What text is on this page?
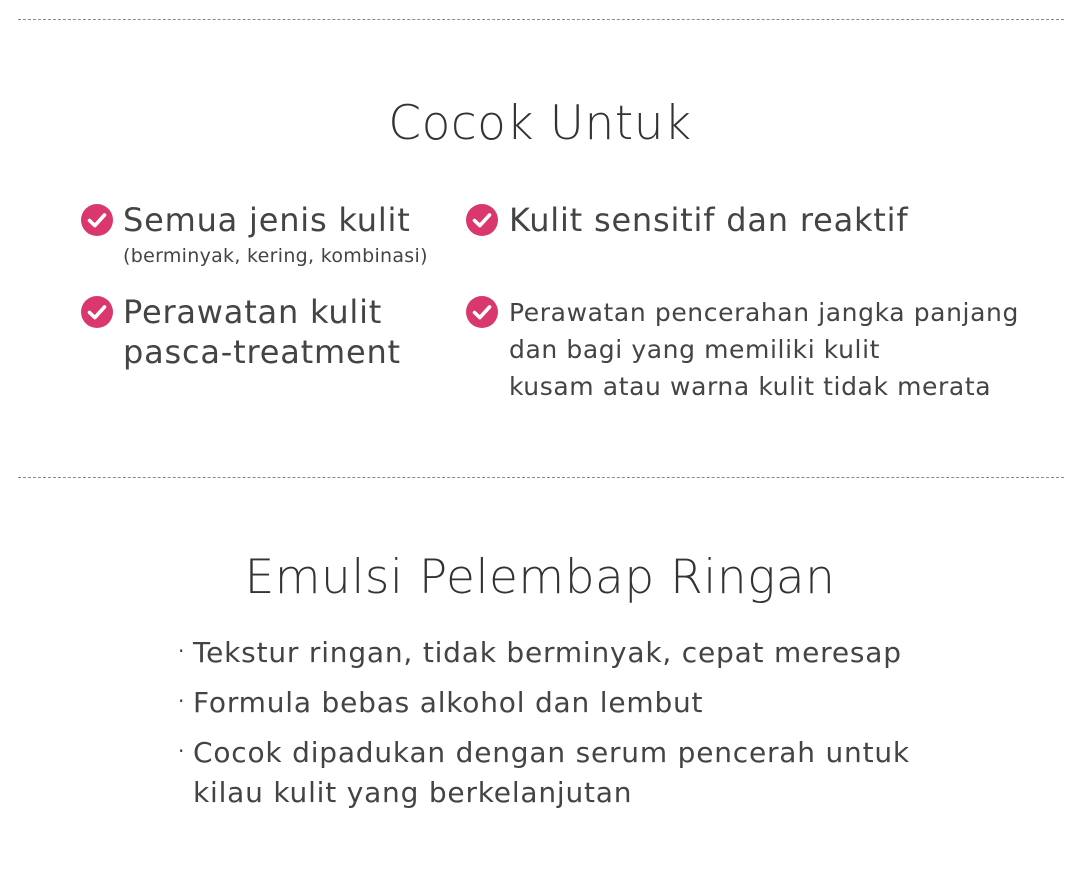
Cocok Untuk

Semua jenis kulit

(berminyak, kering, kombinasi)

Kulit sensitif dan reaktif

Perawatan kulit
pasca-treatment
Perawatan pencerahan jangka panjang
dan bagi yang memiliki kulit
kusam atau warna kulit tidak merata
Emulsi Pelembap Ringan
· Tekstur ringan, tidak berminyak, cepat meresap
· Formula bebas alkohol dan lembut
· Cocok dipadukan dengan serum pencerah untuk
kilau kulit yang berkelanjutan
